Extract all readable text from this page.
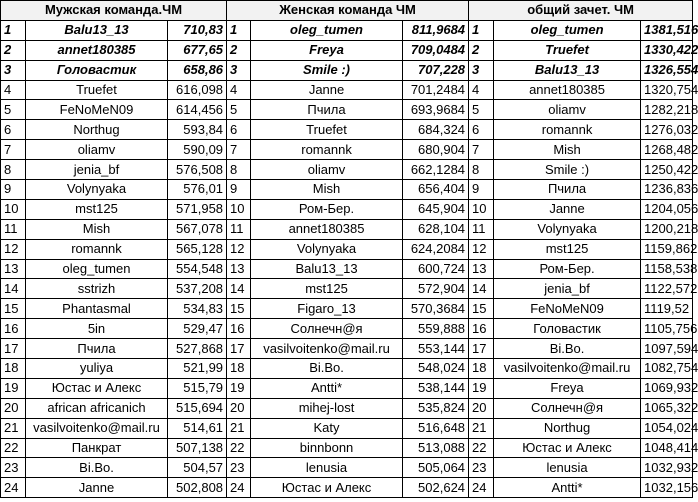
Мужская команда.ЧМ			Женская команда ЧМ			общий зачет. ЧМ		
1	Balu13_13	710,83	1	oleg_tumen	811,9684	1	oleg_tumen	1381,516
2	annet180385	677,65	2	Freya	709,0484	2	Truefet	1330,422
3	Головастик	658,86	3	Smile :)	707,228	3	Balu13_13	1326,554
4	Truefet	616,098	4	Janne	701,2484	4	annet180385	1320,754
5	FeNoMeN09	614,456	5	Пчила	693,9684	5	oliamv	1282,218
6	Northug	593,84	6	Truefet	684,324	6	romannk	1276,032
7	oliamv	590,09	7	romannk	680,904	7	Mish	1268,482
8	jenia_bf	576,508	8	oliamv	662,1284	8	Smile :)	1250,422
9	Volynyaka	576,01	9	Mish	656,404	9	Пчила	1236,836
10	mst125	571,958	10	Ром-Бер.	645,904	10	Janne	1204,056
11	Mish	567,078	11	annet180385	628,104	11	Volynyaka	1200,218
12	romannk	565,128	12	Volynyaka	624,2084	12	mst125	1159,862
13	oleg_tumen	554,548	13	Balu13_13	600,724	13	Ром-Бер.	1158,538
14	sstrizh	537,208	14	mst125	572,904	14	jenia_bf	1122,572
15	Phantasmal	534,83	15	Figaro_13	570,3684	15	FeNoMeN09	1119,52
16	5in	529,47	16	Солнечн@я	559,888	16	Головастик	1105,756
17	Пчила	527,868	17	vasilvoitenko@mail.ru	553,144	17	Bi.Bo.	1097,594
18	yuliya	521,99	18	Bi.Bo.	548,024	18	vasilvoitenko@mail.ru	1082,754
19	Юстас и Алекс	515,79	19	Antti*	538,144	19	Freya	1069,932
20	african africanich	515,694	20	mihej-lost	535,824	20	Солнечн@я	1065,322
21	vasilvoitenko@mail.ru	514,61	21	Katy	516,648	21	Northug	1054,024
22	Панкрат	507,138	22	binnbonn	513,088	22	Юстас и Алекс	1048,414
23	Bi.Bo.	504,57	23	lenusia	505,064	23	lenusia	1032,932
24	Janne	502,808	24	Юстас и Алекс	502,624	24	Antti*	1032,156
